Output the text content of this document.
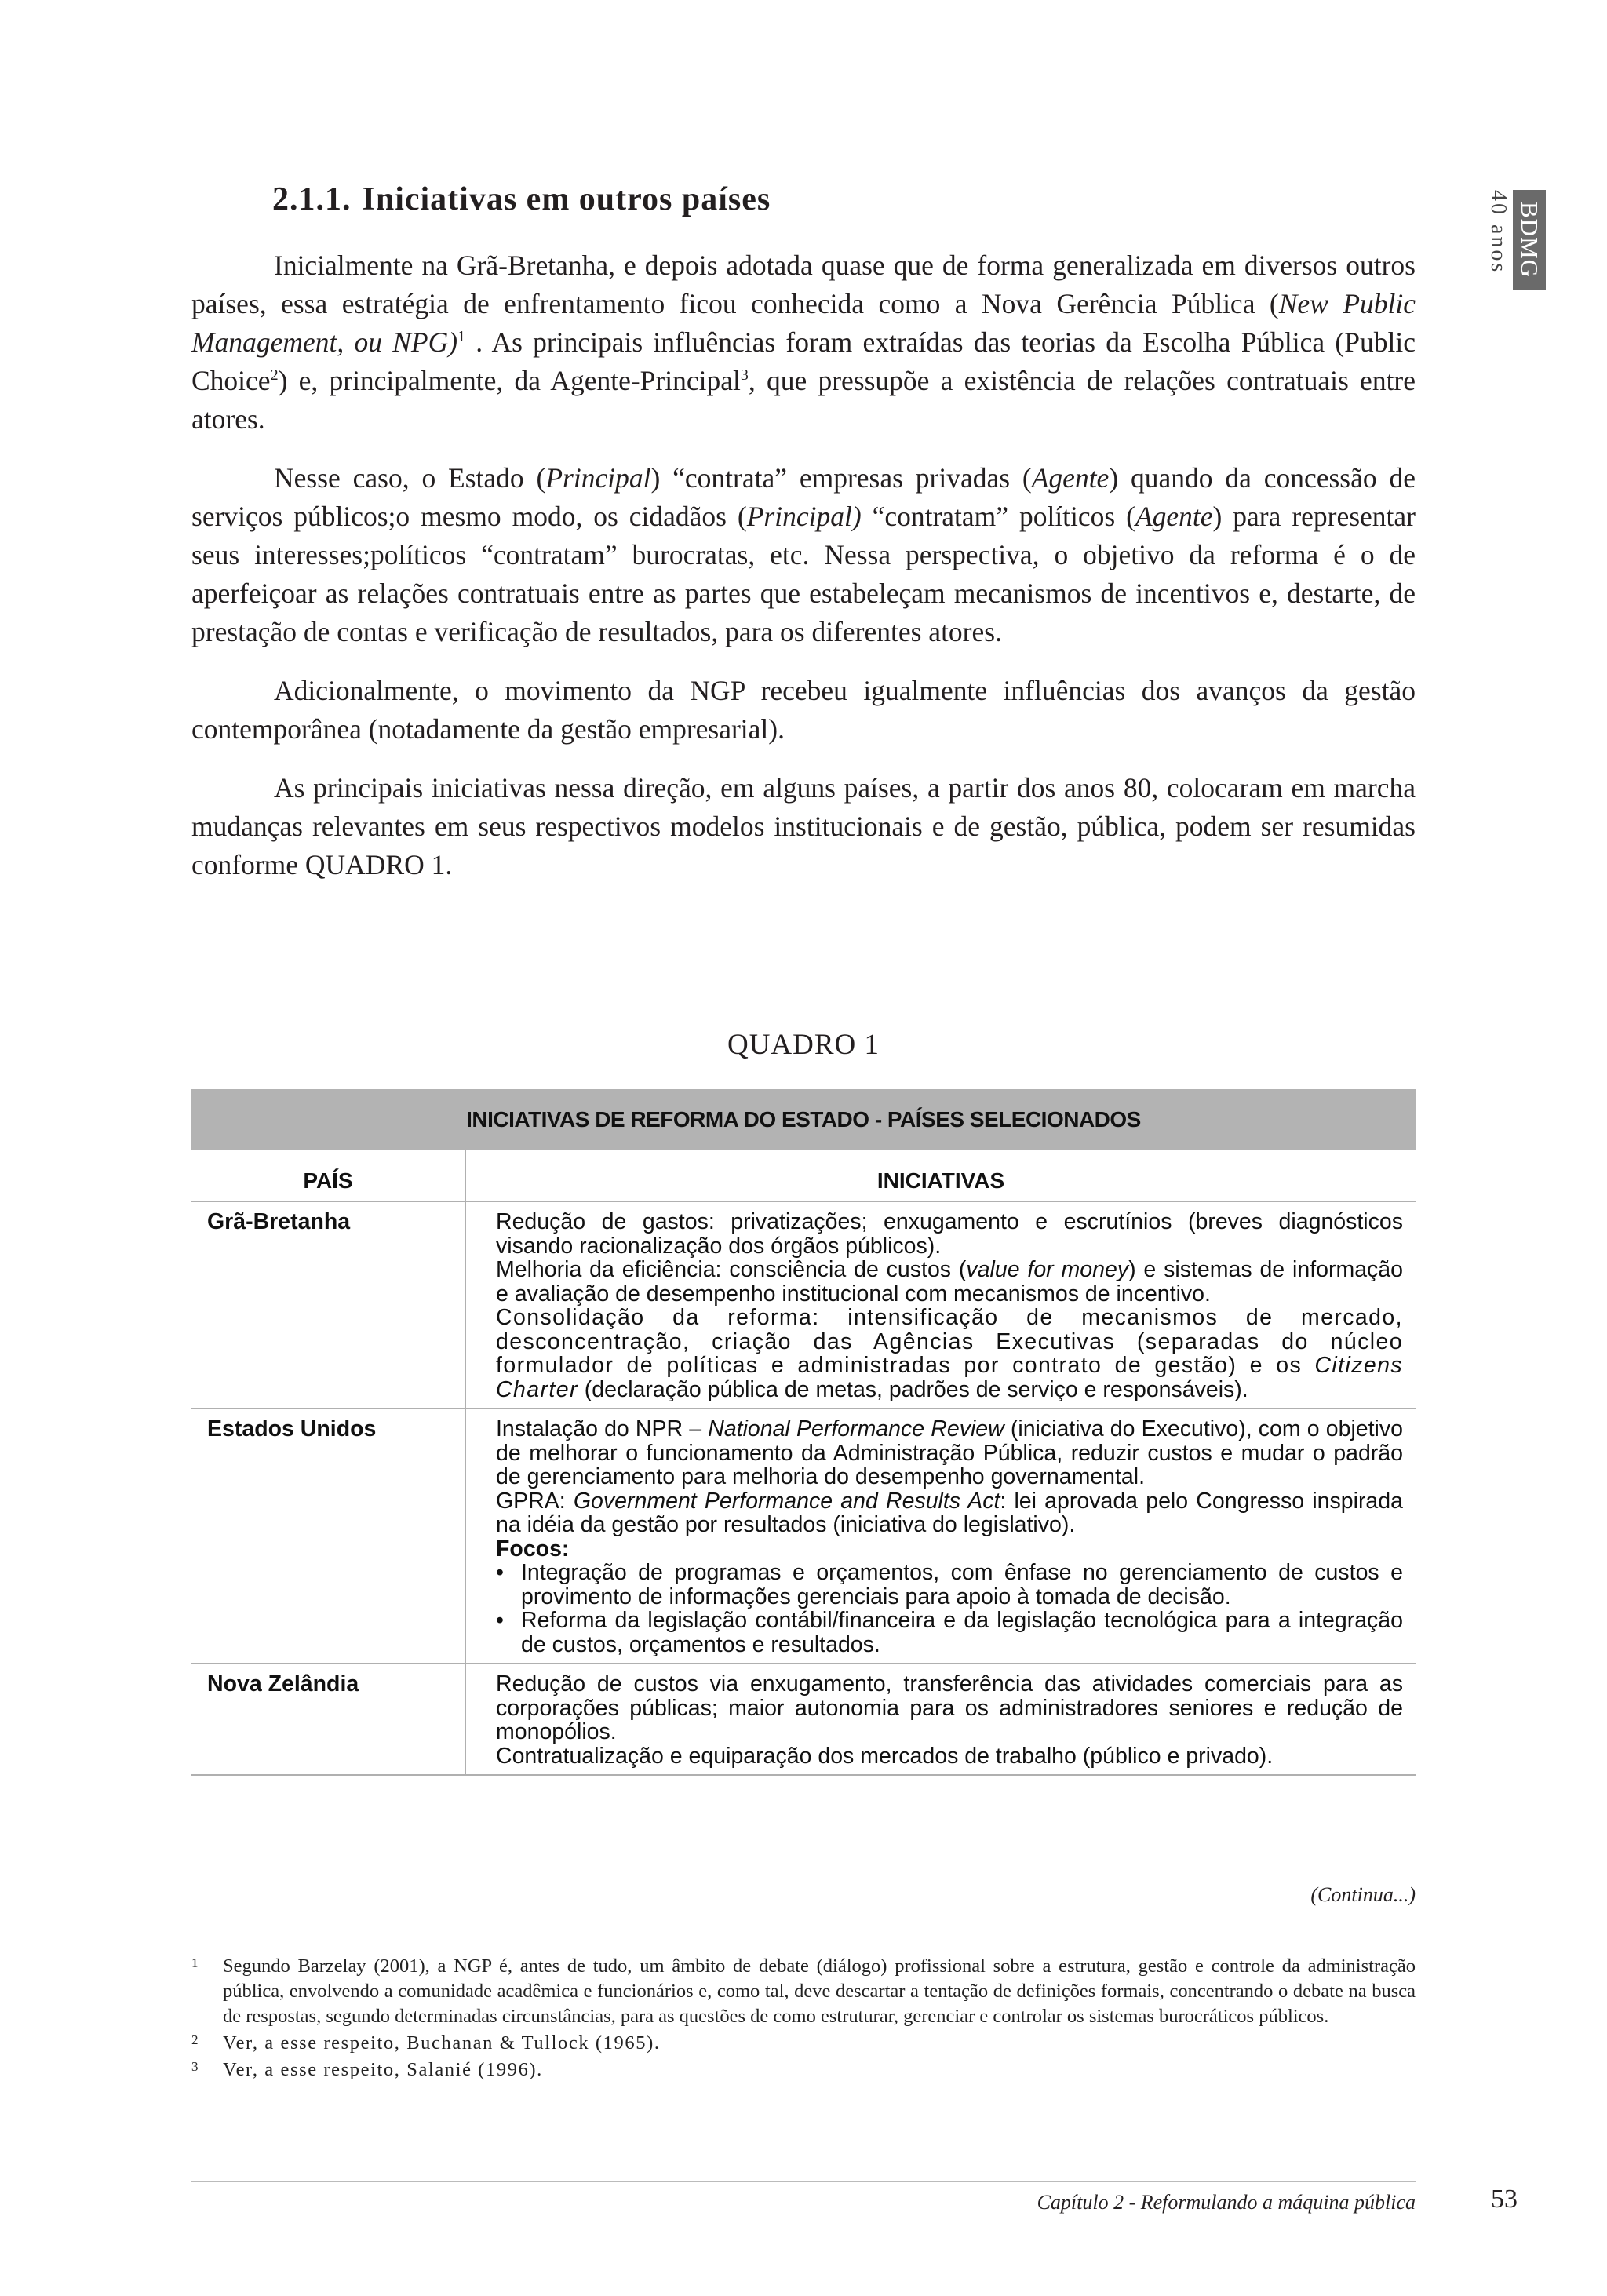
BDMG
40 anos
2.1.1. Iniciativas em outros países

Inicialmente na Grã-Bretanha, e depois adotada quase que de forma generalizada em diversos outros países, essa estratégia de enfrentamento ficou conhecida como a Nova Gerência Pública (New Public Management, ou NPG)$^1$ . As principais influências foram extraídas das teorias da Escolha Pública (Public Choice$^2$) e, principalmente, da Agente-Principal$^3$, que pressupõe a existência de relações contratuais entre atores.

Nesse caso, o Estado (Principal) “contrata” empresas privadas (Agente) quando da concessão de serviços públicos;o mesmo modo, os cidadãos (Principal) “contratam” políticos (Agente) para representar seus interesses;políticos “contratam” burocratas, etc. Nessa perspectiva, o objetivo da reforma é o de aperfeiçoar as relações contratuais entre as partes que estabeleçam mecanismos de incentivos e, destarte, de prestação de contas e verificação de resultados, para os diferentes atores.

Adicionalmente, o movimento da NGP recebeu igualmente influências dos avanços da gestão contemporânea (notadamente da gestão empresarial).

As principais iniciativas nessa direção, em alguns países, a partir dos anos 80, colocaram em marcha mudanças relevantes em seus respectivos modelos institucionais e de gestão, pública, podem ser resumidas conforme QUADRO 1.

QUADRO 1
INICIATIVAS DE REFORMA DO ESTADO - PAÍSES SELECIONADOS
PAÍS	INICIATIVAS
Grã-Bretanha	Redução de gastos: privatizações; enxugamento e escrutínios (breves diagnósticos visando racionalização dos órgãos públicos).
Melhoria da eficiência: consciência de custos (value for money) e sistemas de informação e avaliação de desempenho institucional com mecanismos de incentivo.
Consolidação da reforma: intensificação de mecanismos de mercado, desconcentração, criação das Agências Executivas (separadas do núcleo formulador de políticas e administradas por contrato de gestão) e os Citizens Charter (declaração pública de metas, padrões de serviço e responsáveis).
Estados Unidos	Instalação do NPR – National Performance Review (iniciativa do Executivo), com o objetivo de melhorar o funcionamento da Administração Pública, reduzir custos e mudar o padrão de gerenciamento para melhoria do desempenho governamental.
GPRA: Government Performance and Results Act: lei aprovada pelo Congresso inspirada na idéia da gestão por resultados (iniciativa do legislativo).
Focos:
• Integração de programas e orçamentos, com ênfase no gerenciamento de custos e provimento de informações gerenciais para apoio à tomada de decisão.
• Reforma da legislação contábil/financeira e da legislação tecnológica para a integração de custos, orçamentos e resultados.
Nova Zelândia	Redução de custos via enxugamento, transferência das atividades comerciais para as corporações públicas; maior autonomia para os administradores seniores e redução de monopólios.
Contratualização e equiparação dos mercados de trabalho (público e privado).
(Continua...)
1 Segundo Barzelay (2001), a NGP é, antes de tudo, um âmbito de debate (diálogo) profissional sobre a estrutura, gestão e controle da administração pública, envolvendo a comunidade acadêmica e funcionários e, como tal, deve descartar a tentação de definições formais, concentrando o debate na busca de respostas, segundo determinadas circunstâncias, para as questões de como estruturar, gerenciar e controlar os sistemas burocráticos públicos.
2 Ver, a esse respeito, Buchanan & Tullock (1965).
3 Ver, a esse respeito, Salanié (1996).
Capítulo 2 - Reformulando a máquina pública	53
